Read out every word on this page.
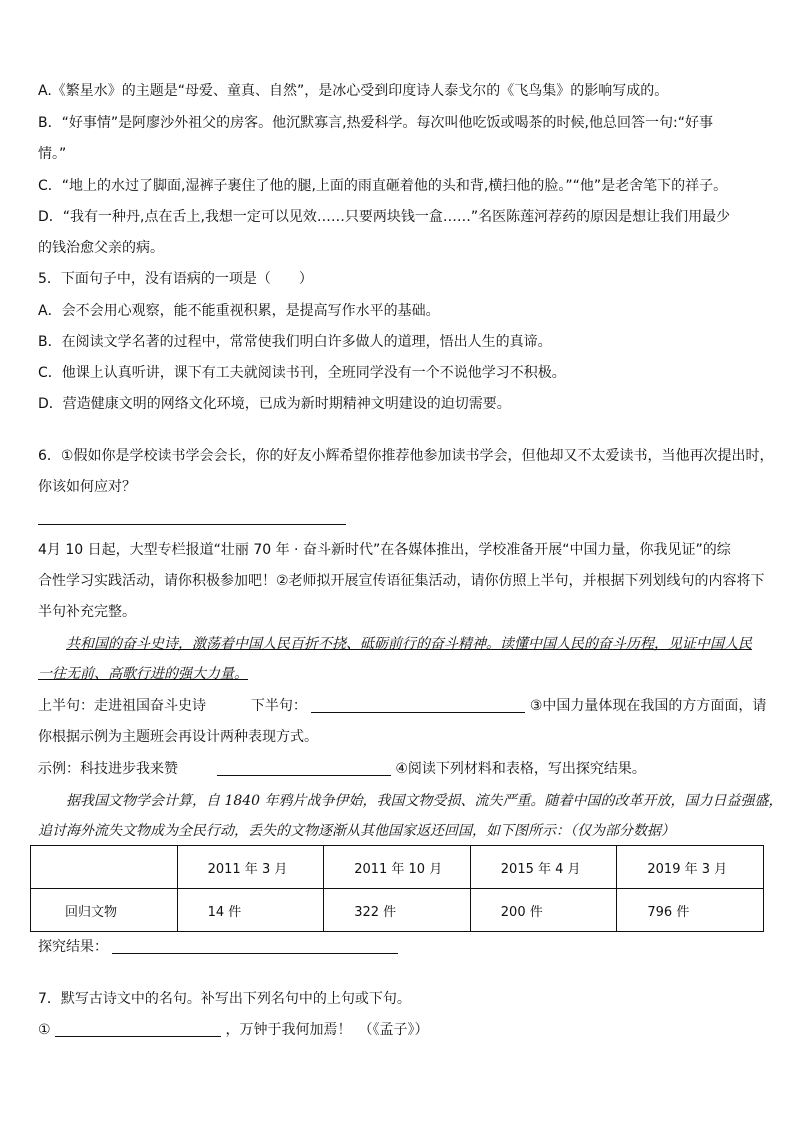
A.《繁星水》的主题是“母爱、童真、自然”，是冰心受到印度诗人泰戈尔的《飞鸟集》的影响写成的。
B．“好事情”是阿廖沙外祖父的房客。他沉默寡言,热爱科学。每次叫他吃饭或喝茶的时候,他总回答一句:“好事
情。”
C．“地上的水过了脚面,湿裤子裹住了他的腿,上面的雨直砸着他的头和背,横扫他的脸。”“他”是老舍笔下的祥子。
D．“我有一种丹,点在舌上,我想一定可以见效……只要两块钱一盒……”名医陈莲河荐药的原因是想让我们用最少
的钱治愈父亲的病。
5．下面句子中，没有语病的一项是（　　）
A．会不会用心观察，能不能重视积累，是提高写作水平的基础。
B．在阅读文学名著的过程中，常常使我们明白许多做人的道理，悟出人生的真谛。
C．他课上认真听讲，课下有工夫就阅读书刊，全班同学没有一个不说他学习不积极。
D．营造健康文明的网络文化环境，已成为新时期精神文明建设的迫切需要。
6．①假如你是学校读书学会会长，你的好友小辉希望你推荐他参加读书学会，但他却又不太爱读书，当他再次提出时，
你该如何应对？
4月 10 日起，大型专栏报道“壮丽 70 年 · 奋斗新时代”在各媒体推出，学校准备开展“中国力量，你我见证”的综
合性学习实践活动，请你积极参加吧！②老师拟开展宣传语征集活动，请你仿照上半句，并根据下列划线句的内容将下
半句补充完整。
共和国的奋斗史诗，激荡着中国人民百折不挠、砥砺前行的奋斗精神。读懂中国人民的奋斗历程，见证中国人民
一往无前、高歌行进的强大力量。
上半句：走进祖国奋斗史诗	下半句：	③中国力量体现在我国的方方面面，请
你根据示例为主题班会再设计两种表现方式。
示例：科技进步我来赞	④阅读下列材料和表格，写出探究结果。
据我国文物学会计算，自 1840 年鸦片战争伊始，我国文物受损、流失严重。随着中国的改革开放，国力日益强盛，
追讨海外流失文物成为全民行动，丢失的文物逐渐从其他国家返还回国，如下图所示：（仅为部分数据）
	2011 年 3 月	2011 年 10 月	2015 年 4 月	2019 年 3 月
回归文物	14 件	322 件	200 件	796 件
探究结果：
7．默写古诗文中的名句。补写出下列名句中的上句或下句。
①	，万钟于我何加焉！　（《孟子》）
